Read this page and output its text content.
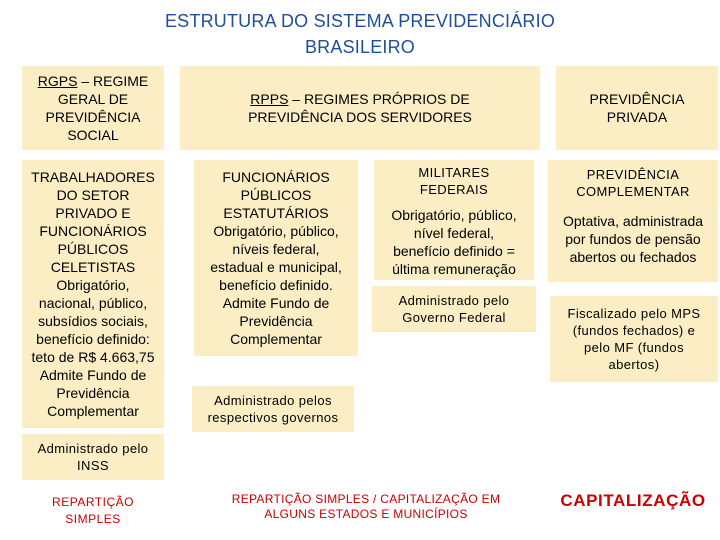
ESTRUTURA DO SISTEMA PREVIDENCIÁRIO
BRASILEIRO
RGPS – REGIME
GERAL DE
PREVIDÊNCIA
SOCIAL
RPPS – REGIMES PRÓPRIOS DE
PREVIDÊNCIA DOS SERVIDORES
PREVIDÊNCIA
PRIVADA
TRABALHADORES
DO SETOR
PRIVADO E
FUNCIONÁRIOS
PÚBLICOS
CELETISTAS
Obrigatório,
nacional, público,
subsídios sociais,
benefício definido:
teto de R$ 4.663,75
Admite Fundo de
Previdência
Complementar
FUNCIONÁRIOS
PÚBLICOS
ESTATUTÁRIOS
Obrigatório, público,
níveis federal,
estadual e municipal,
benefício definido.
Admite Fundo de
Previdência
Complementar
MILITARES
FEDERAIS
Obrigatório, público,
nível federal,
benefício definido =
última remuneração
PREVIDÊNCIA
COMPLEMENTAR
Optativa, administrada
por fundos de pensão
abertos ou fechados
Administrado pelo
Governo Federal	Fiscalizado pelo MPS
(fundos fechados) e
pelo MF (fundos
abertos)
Administrado pelos
respectivos governos
Administrado pelo
INSS
REPARTIÇÃO
SIMPLES
REPARTIÇÃO SIMPLES / CAPITALIZAÇÃO EM
ALGUNS ESTADOS E MUNICÍPIOS
CAPITALIZAÇÃO
